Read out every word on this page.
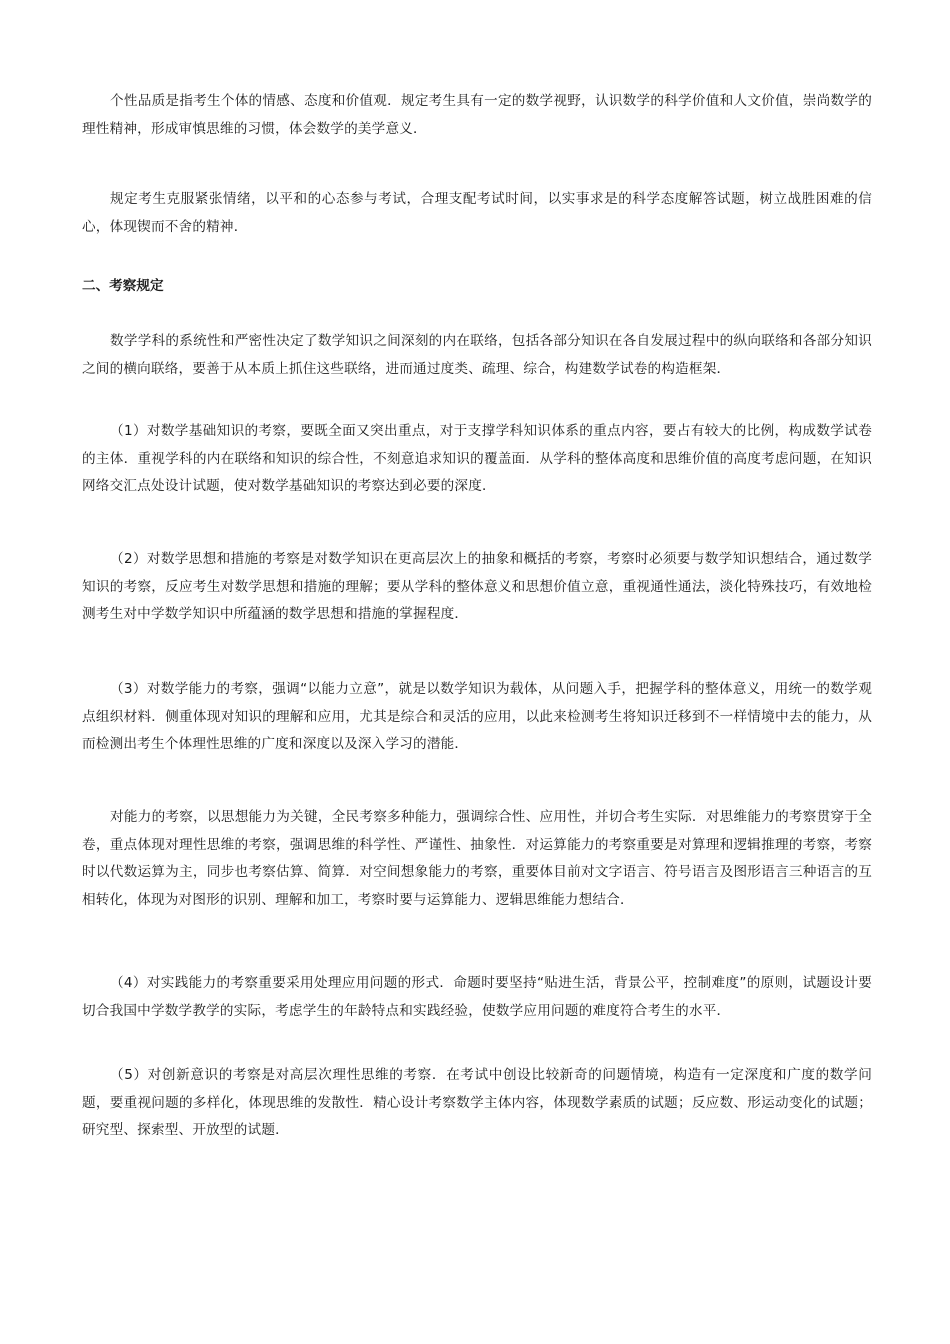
个性品质是指考生个体的情感、态度和价值观．规定考生具有一定的数学视野，认识数学的科学价值和人文价值，崇尚数学的理性精神，形成审慎思维的习惯，体会数学的美学意义．

规定考生克服紧张情绪，以平和的心态参与考试，合理支配考试时间，以实事求是的科学态度解答试题，树立战胜困难的信心，体现锲而不舍的精神．

二、考察规定

数学学科的系统性和严密性决定了数学知识之间深刻的内在联络，包括各部分知识在各自发展过程中的纵向联络和各部分知识之间的横向联络，要善于从本质上抓住这些联络，进而通过度类、疏理、综合，构建数学试卷的构造框架．

（1）对数学基础知识的考察，要既全面又突出重点，对于支撑学科知识体系的重点内容，要占有较大的比例，构成数学试卷的主体．重视学科的内在联络和知识的综合性，不刻意追求知识的覆盖面．从学科的整体高度和思维价值的高度考虑问题，在知识网络交汇点处设计试题，使对数学基础知识的考察达到必要的深度．

（2）对数学思想和措施的考察是对数学知识在更高层次上的抽象和概括的考察，考察时必须要与数学知识想结合，通过数学知识的考察，反应考生对数学思想和措施的理解；要从学科的整体意义和思想价值立意，重视通性通法，淡化特殊技巧，有效地检测考生对中学数学知识中所蕴涵的数学思想和措施的掌握程度．

（3）对数学能力的考察，强调“以能力立意”，就是以数学知识为载体，从问题入手，把握学科的整体意义，用统一的数学观点组织材料．侧重体现对知识的理解和应用，尤其是综合和灵活的应用，以此来检测考生将知识迁移到不一样情境中去的能力，从而检测出考生个体理性思维的广度和深度以及深入学习的潜能．

对能力的考察，以思想能力为关键，全民考察多种能力，强调综合性、应用性，并切合考生实际．对思维能力的考察贯穿于全卷，重点体现对理性思维的考察，强调思维的科学性、严谨性、抽象性．对运算能力的考察重要是对算理和逻辑推理的考察，考察时以代数运算为主，同步也考察估算、简算．对空间想象能力的考察，重要体目前对文字语言、符号语言及图形语言三种语言的互相转化，体现为对图形的识别、理解和加工，考察时要与运算能力、逻辑思维能力想结合．

（4）对实践能力的考察重要采用处理应用问题的形式．命题时要坚持“贴进生活，背景公平，控制难度”的原则，试题设计要切合我国中学数学教学的实际，考虑学生的年龄特点和实践经验，使数学应用问题的难度符合考生的水平．

（5）对创新意识的考察是对高层次理性思维的考察．在考试中创设比较新奇的问题情境，构造有一定深度和广度的数学问题，要重视问题的多样化，体现思维的发散性．精心设计考察数学主体内容，体现数学素质的试题；反应数、形运动变化的试题；研究型、探索型、开放型的试题．
